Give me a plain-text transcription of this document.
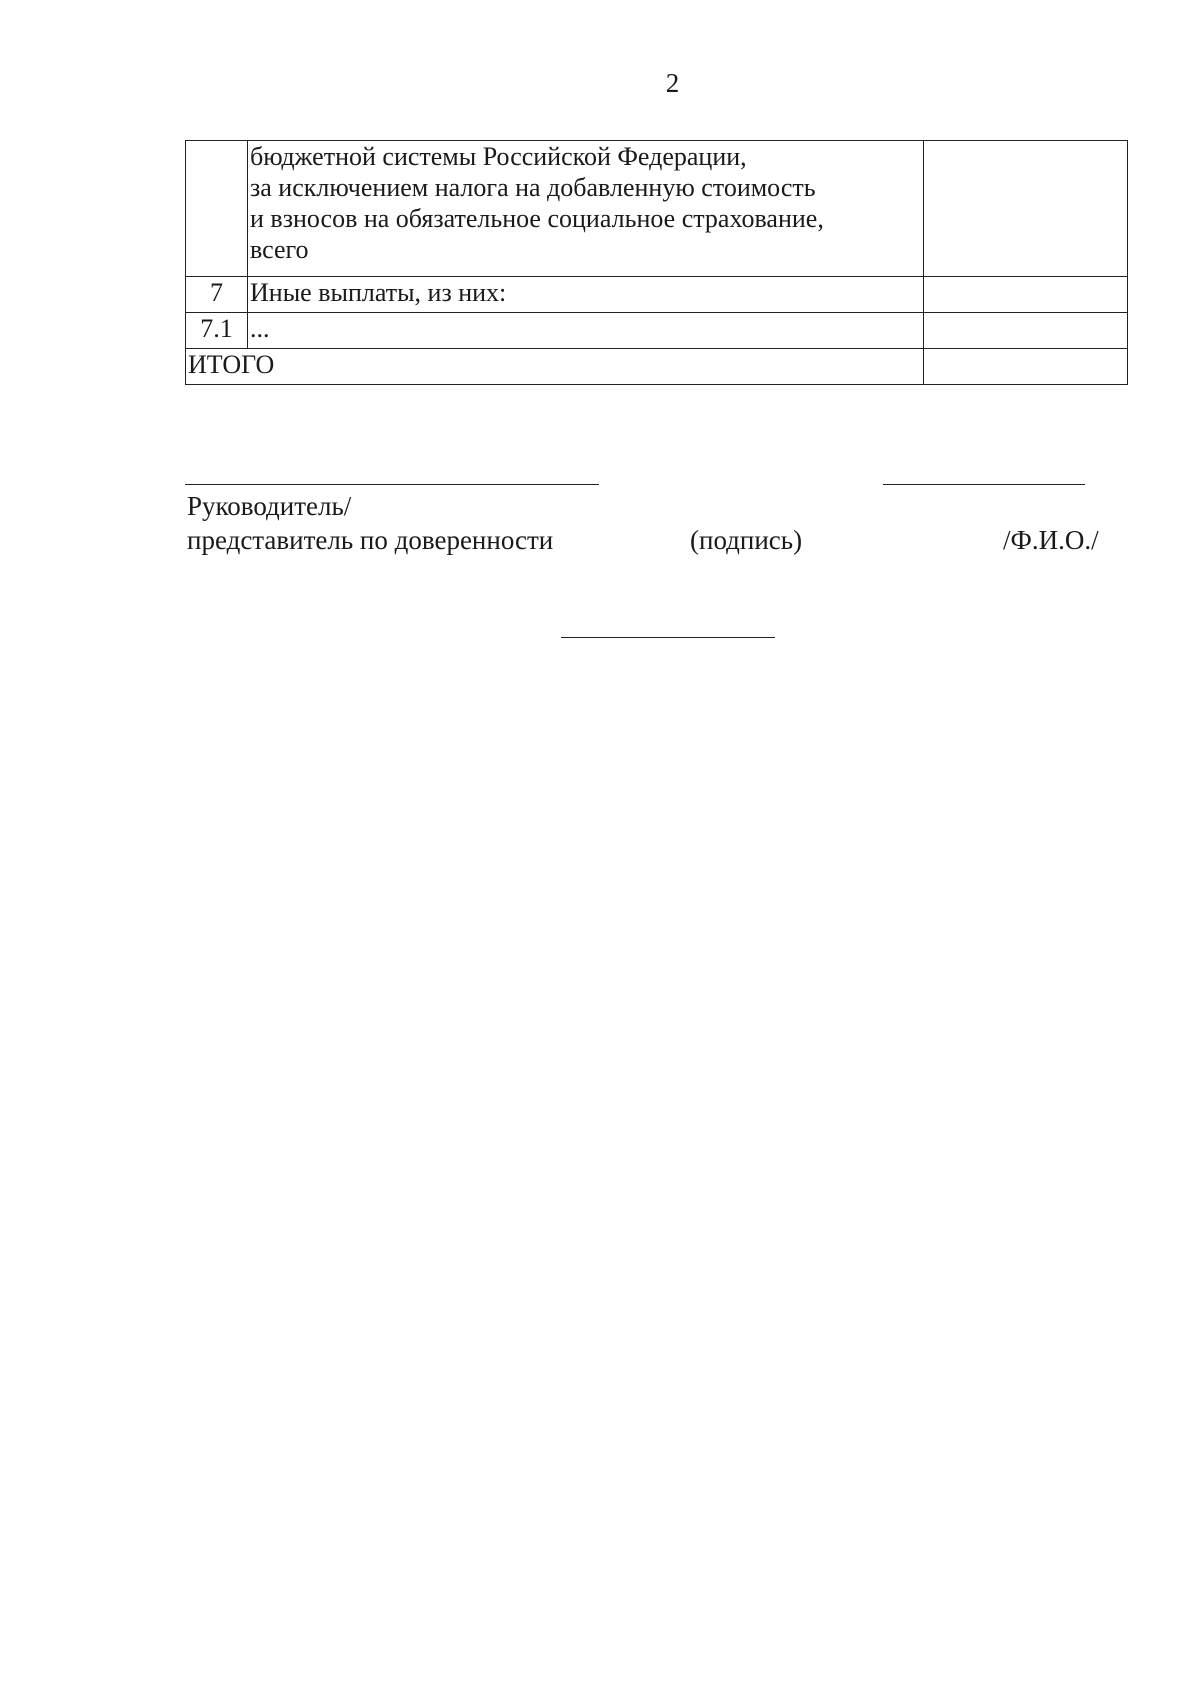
2

	бюджетной системы Российской Федерации,
за исключением налога на добавленную стоимость
и взносов на обязательное социальное страхование,
всего	

7	Иные выплаты, из них:	
7.1	...	
ИТОГО		
Руководитель/
представитель по доверенности	(подпись)	/Ф.И.О./
